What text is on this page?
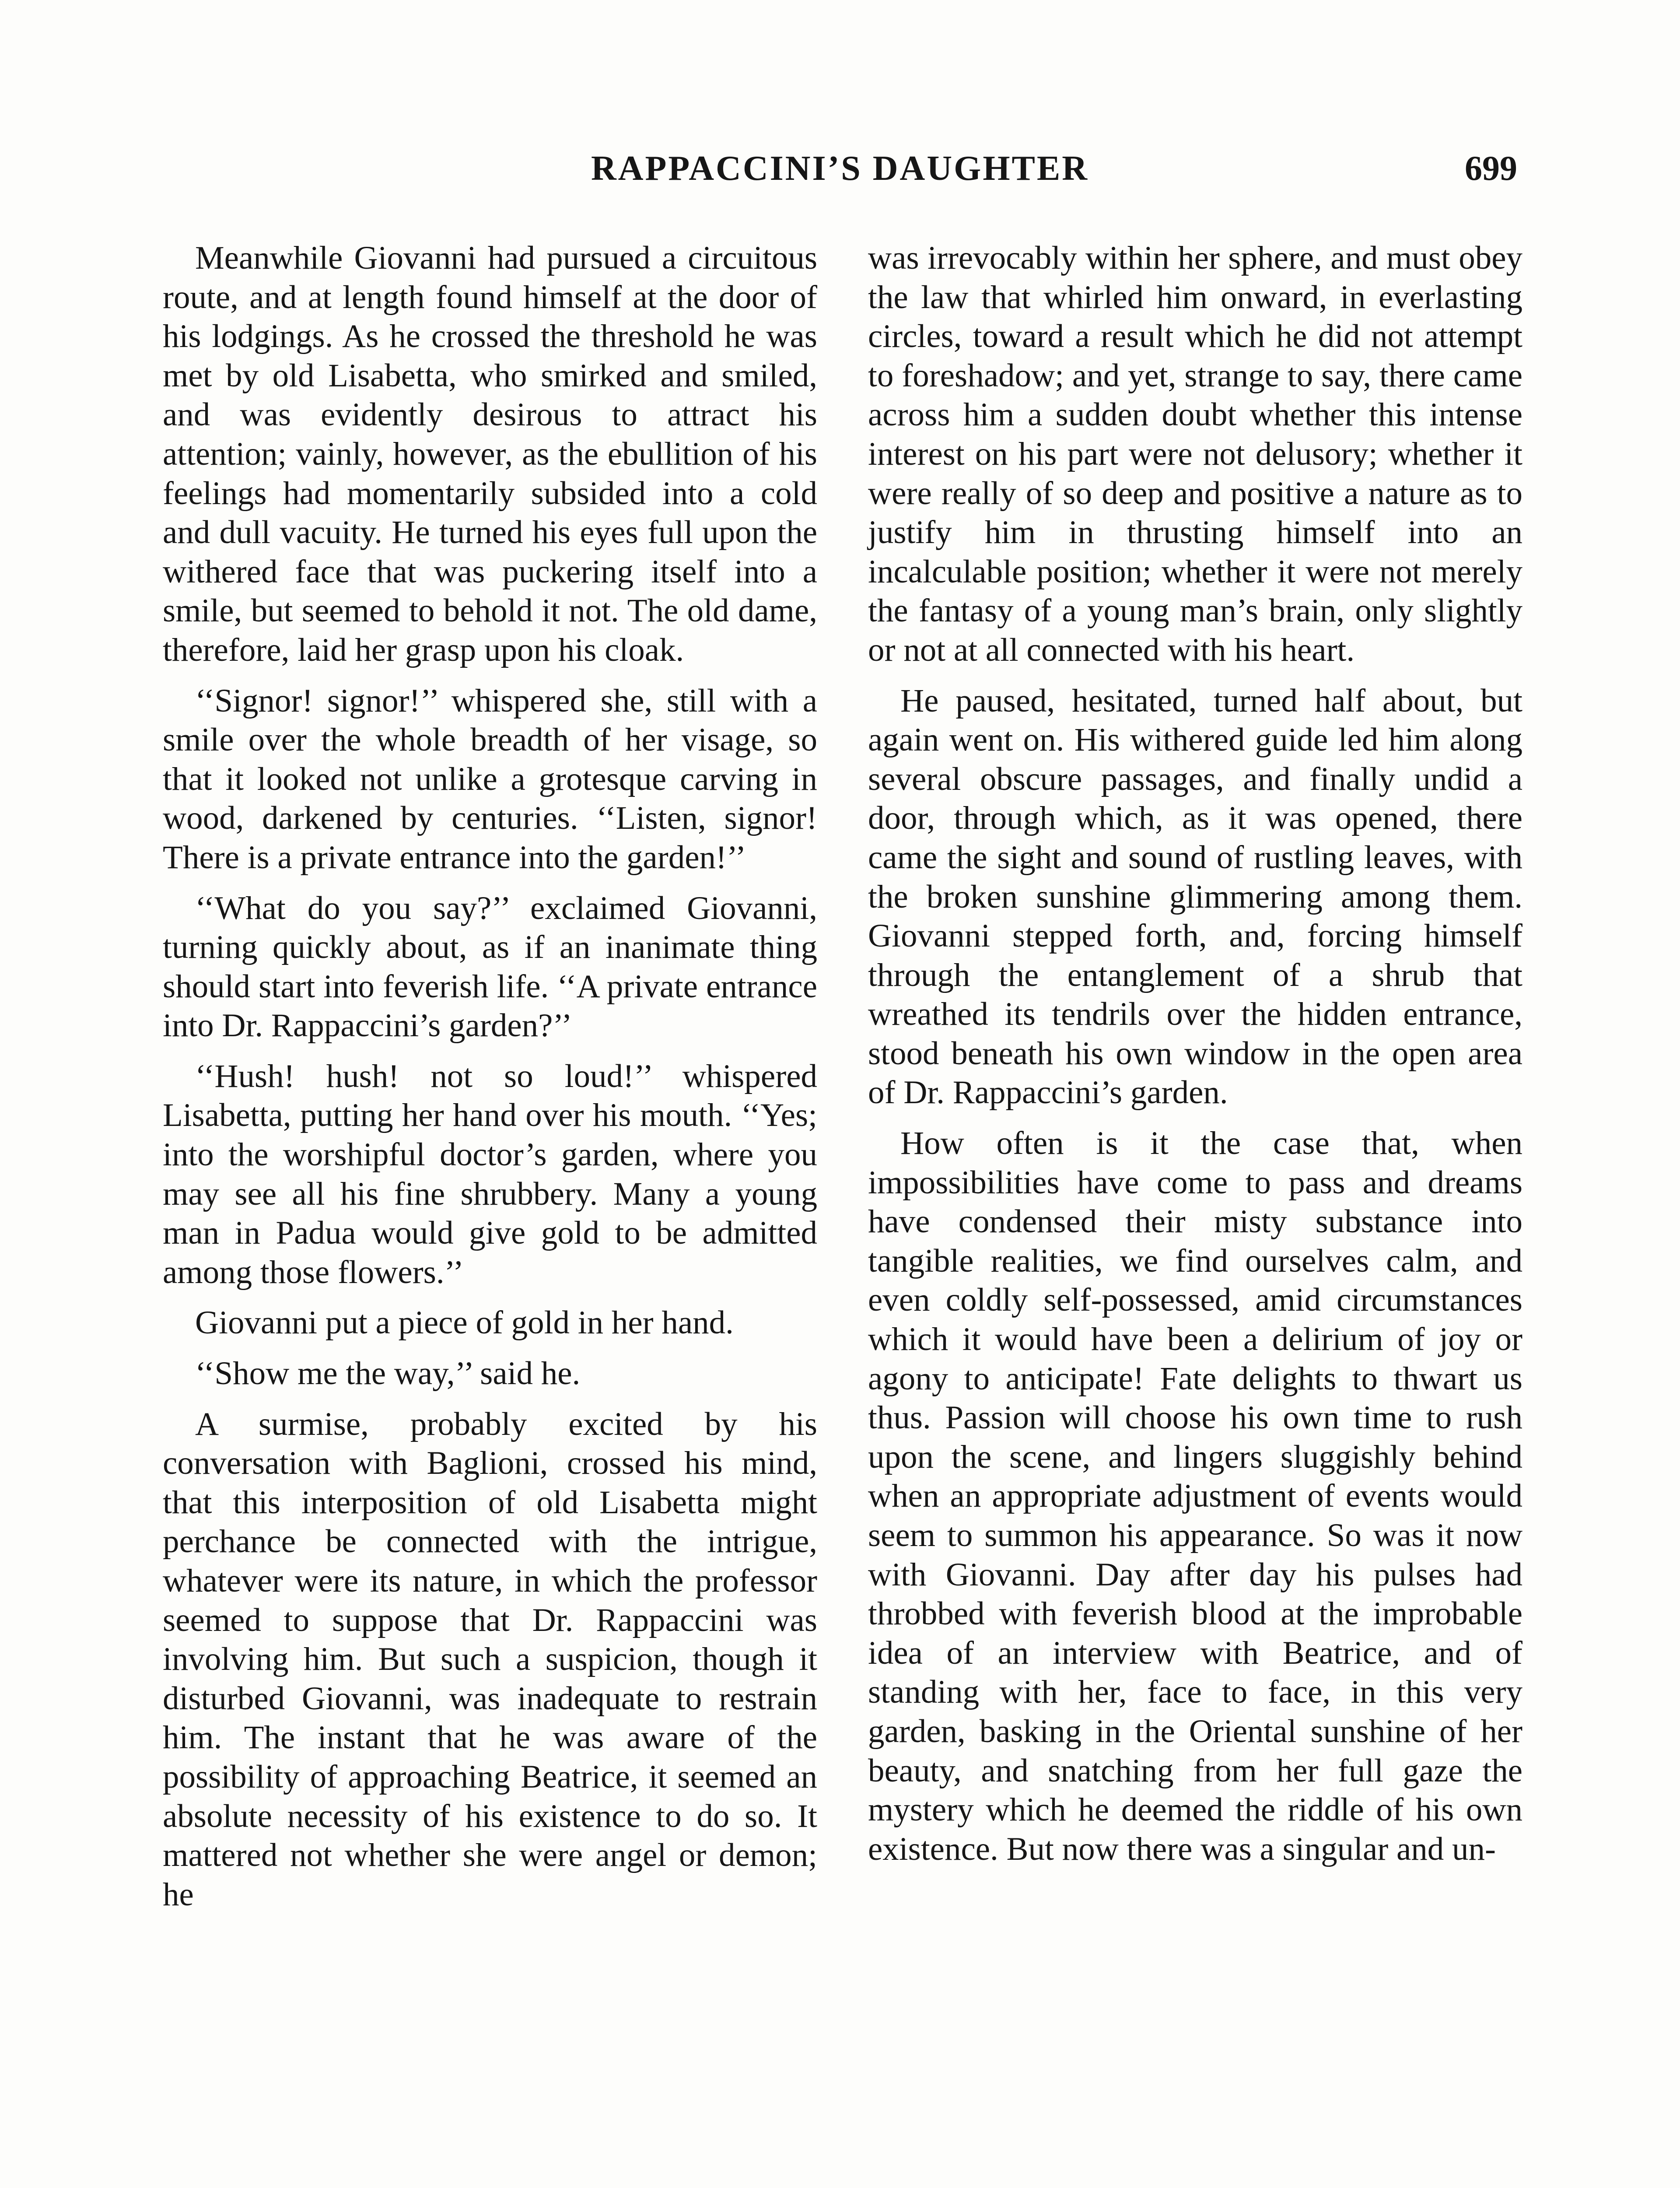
RAPPACCINI’S DAUGHTER	699

Meanwhile Giovanni had pursued a circuitous route, and at length found himself at the door of his lodgings. As he crossed the threshold he was met by old Lisabetta, who smirked and smiled, and was evidently desirous to attract his attention; vainly, however, as the ebullition of his feelings had momentarily subsided into a cold and dull vacuity. He turned his eyes full upon the withered face that was puckering itself into a smile, but seemed to behold it not. The old dame, therefore, laid her grasp upon his cloak.

‘‘Signor! signor!’’ whispered she, still with a smile over the whole breadth of her visage, so that it looked not unlike a grotesque carving in wood, darkened by centuries. ‘‘Listen, signor! There is a private entrance into the garden!’’

‘‘What do you say?’’ exclaimed Giovanni, turning quickly about, as if an inanimate thing should start into feverish life. ‘‘A private entrance into Dr. Rappaccini’s garden?’’

‘‘Hush! hush! not so loud!’’ whispered Lisabetta, putting her hand over his mouth. ‘‘Yes; into the worshipful doctor’s garden, where you may see all his fine shrubbery. Many a young man in Padua would give gold to be admitted among those flowers.’’

Giovanni put a piece of gold in her hand.

‘‘Show me the way,’’ said he.

A surmise, probably excited by his conversation with Baglioni, crossed his mind, that this interposition of old Lisabetta might perchance be connected with the intrigue, whatever were its nature, in which the professor seemed to suppose that Dr. Rappaccini was involving him. But such a suspicion, though it disturbed Giovanni, was inadequate to restrain him. The instant that he was aware of the possibility of approaching Beatrice, it seemed an absolute necessity of his existence to do so. It mattered not whether she were angel or demon; he

was irrevocably within her sphere, and must obey the law that whirled him onward, in everlasting circles, toward a result which he did not attempt to foreshadow; and yet, strange to say, there came across him a sudden doubt whether this intense interest on his part were not delusory; whether it were really of so deep and positive a nature as to justify him in thrusting himself into an incalculable position; whether it were not merely the fantasy of a young man’s brain, only slightly or not at all connected with his heart.

He paused, hesitated, turned half about, but again went on. His withered guide led him along several obscure passages, and finally undid a door, through which, as it was opened, there came the sight and sound of rustling leaves, with the broken sunshine glimmering among them. Giovanni stepped forth, and, forcing himself through the entanglement of a shrub that wreathed its tendrils over the hidden entrance, stood beneath his own window in the open area of Dr. Rappaccini’s garden.

How often is it the case that, when impossibilities have come to pass and dreams have condensed their misty substance into tangible realities, we find ourselves calm, and even coldly self-possessed, amid circumstances which it would have been a delirium of joy or agony to anticipate! Fate delights to thwart us thus. Passion will choose his own time to rush upon the scene, and lingers sluggishly behind when an appropriate adjustment of events would seem to summon his appearance. So was it now with Giovanni. Day after day his pulses had throbbed with feverish blood at the improbable idea of an interview with Beatrice, and of standing with her, face to face, in this very garden, basking in the Oriental sunshine of her beauty, and snatching from her full gaze the mystery which he deemed the riddle of his own existence. But now there was a singular and un-
